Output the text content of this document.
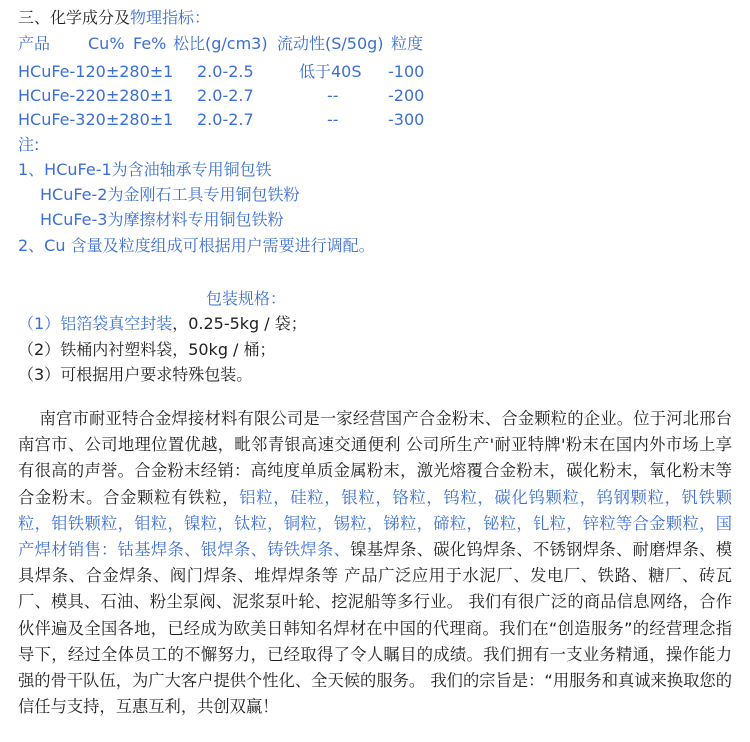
三、化学成分及物理指标：
产品 Cu% Fe% 松比(g/cm3) 流动性(S/50g) 粒度
HCuFe-120±280±1 2.0-2.5	低于40S -100
HCuFe-220±280±1 2.0-2.7	--	-200
HCuFe-320±280±1 2.0-2.7	--	-300
注:
1、HCuFe-1为含油轴承专用铜包铁
HCuFe-2为金刚石工具专用铜包铁粉
HCuFe-3为摩擦材料专用铜包铁粉
2、Cu 含量及粒度组成可根据用户需要进行调配。
包装规格：
（1）铝箔袋真空封装，0.25-5kg / 袋；
（2）铁桶内衬塑料袋，50kg / 桶；
（3）可根据用户要求特殊包装。
南宫市耐亚特合金焊接材料有限公司是一家经营国产合金粉末、合金颗粒的企业。位于河北邢台南宫市、公司地理位置优越，毗邻青银高速交通便利 公司所生产'耐亚特牌'粉末在国内外市场上享有很高的声誉。合金粉末经销：高纯度单质金属粉末，激光熔覆合金粉末，碳化粉末，氧化粉末等合金粉末。合金颗粒有铁粒，铝粒，硅粒，银粒，铬粒，钨粒，碳化钨颗粒，钨钢颗粒，钒铁颗粒，钼铁颗粒，钼粒，镍粒，钛粒，铜粒，锡粒，锑粒，碲粒，铋粒，钆粒，锌粒等合金颗粒，国产焊材销售：钴基焊条、银焊条、铸铁焊条、镍基焊条、碳化钨焊条、不锈钢焊条、耐磨焊条、模具焊条、合金焊条、阀门焊条、堆焊焊条等 产品广泛应用于水泥厂、发电厂、铁路、糖厂、砖瓦厂、模具、石油、粉尘泵阀、泥浆泵叶轮、挖泥船等多行业。 我们有很广泛的商品信息网络，合作伙伴遍及全国各地，已经成为欧美日韩知名焊材在中国的代理商。我们在“创造服务”的经营理念指导下，经过全体员工的不懈努力，已经取得了令人瞩目的成绩。我们拥有一支业务精通，操作能力强的骨干队伍，为广大客户提供个性化、全天候的服务。 我们的宗旨是：“用服务和真诚来换取您的信任与支持，互惠互利，共创双赢！
